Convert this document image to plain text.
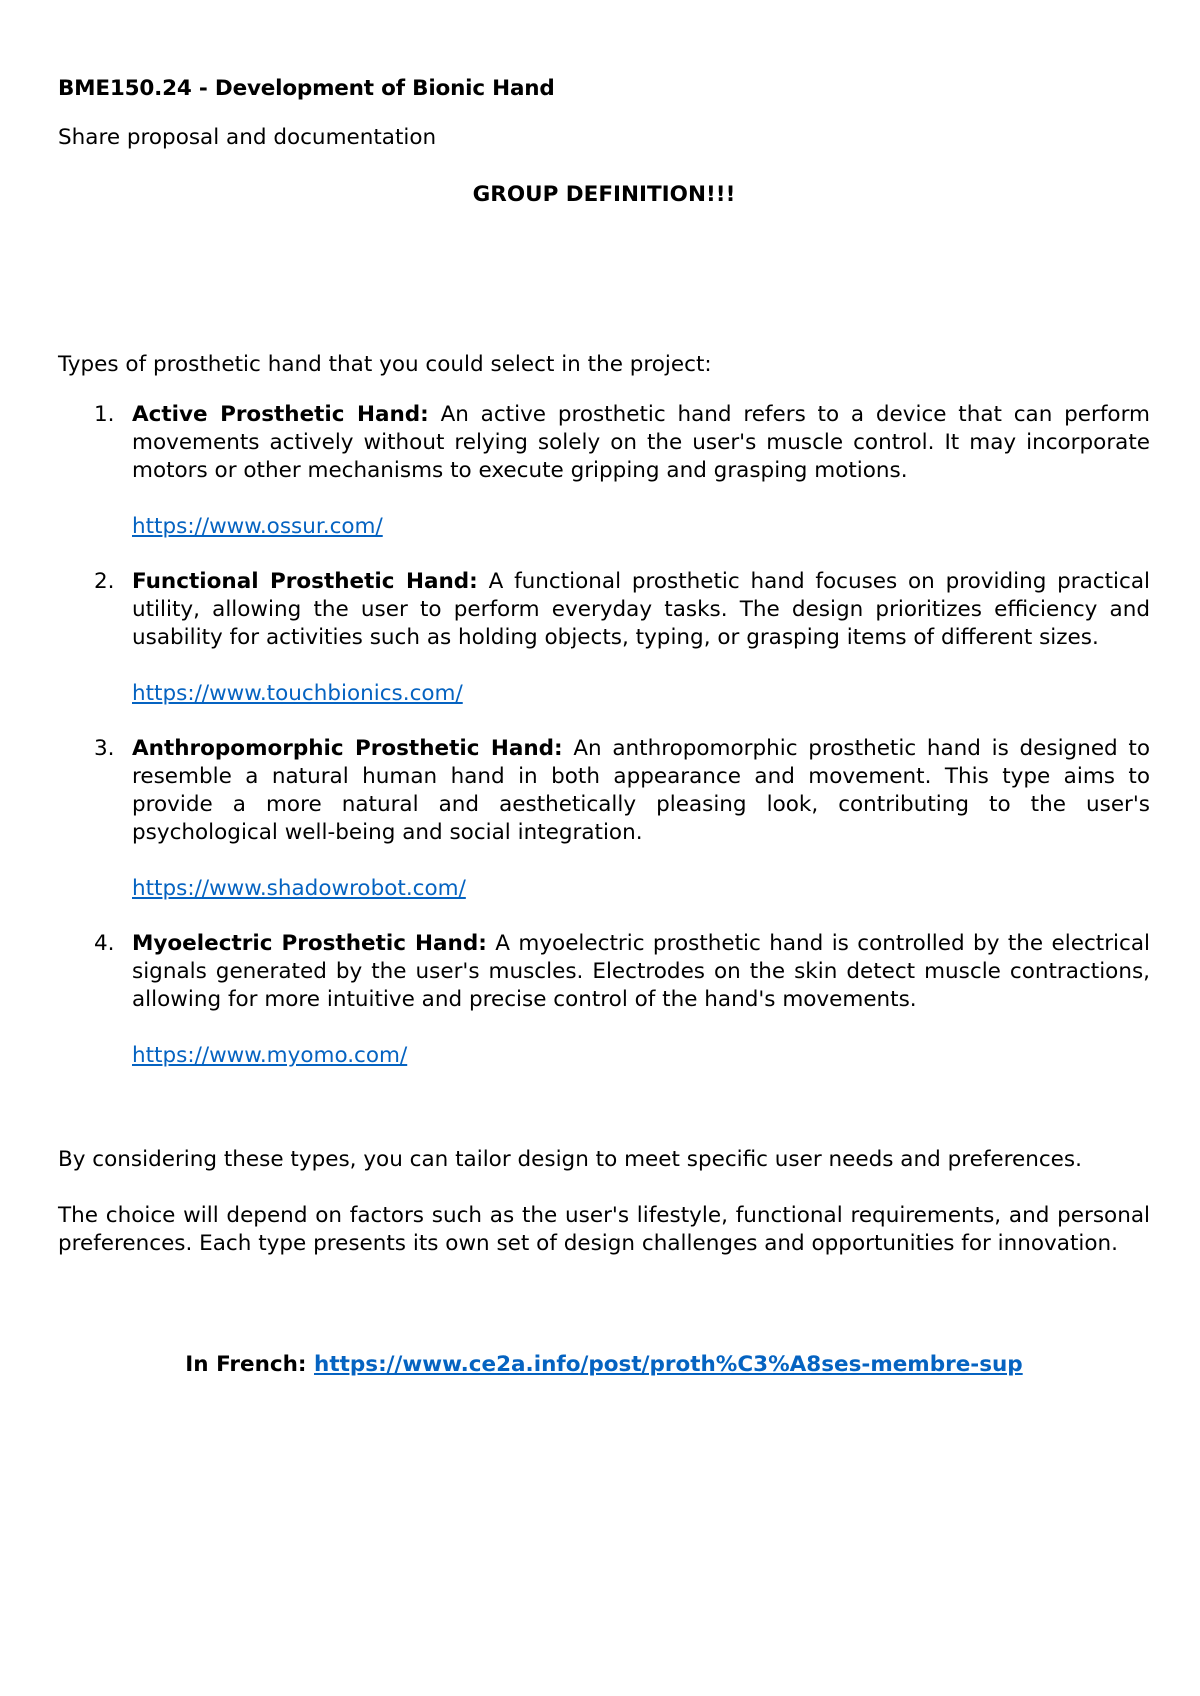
BME150.24 - Development of Bionic Hand
Share proposal and documentation
GROUP DEFINITION!!!
Types of prosthetic hand that you could select in the project:
1. Active Prosthetic Hand: An active prosthetic hand refers to a device that can perform movements actively without relying solely on the user's muscle control. It may incorporate motors or other mechanisms to execute gripping and grasping motions.

https://www.ossur.com/
2. Functional Prosthetic Hand: A functional prosthetic hand focuses on providing practical utility, allowing the user to perform everyday tasks. The design prioritizes efficiency and usability for activities such as holding objects, typing, or grasping items of different sizes.

https://www.touchbionics.com/
3. Anthropomorphic Prosthetic Hand: An anthropomorphic prosthetic hand is designed to resemble a natural human hand in both appearance and movement. This type aims to provide a more natural and aesthetically pleasing look, contributing to the user's psychological well-being and social integration.

https://www.shadowrobot.com/
4. Myoelectric Prosthetic Hand: A myoelectric prosthetic hand is controlled by the electrical signals generated by the user's muscles. Electrodes on the skin detect muscle contractions, allowing for more intuitive and precise control of the hand's movements.

https://www.myomo.com/

By considering these types, you can tailor design to meet specific user needs and preferences.

The choice will depend on factors such as the user's lifestyle, functional requirements, and personal preferences. Each type presents its own set of design challenges and opportunities for innovation.

In French: https://www.ce2a.info/post/proth%C3%A8ses-membre-sup
